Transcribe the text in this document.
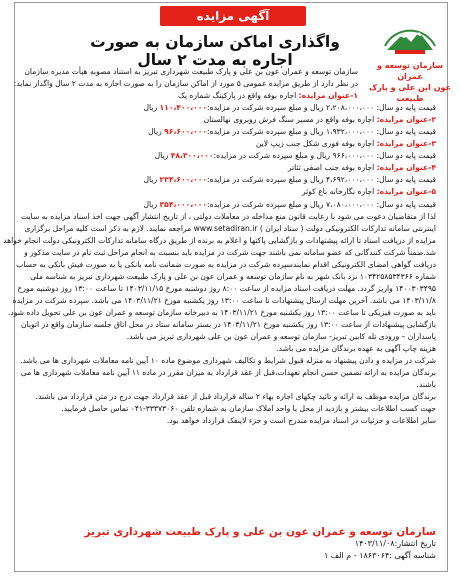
آگهی مزایده
واگذاری اماکن سازمان به صورت اجاره به مدت ۲ سال	سازمان توسعه و عمران
عون ابن علی و پارک طبیعت

سازمان توسعه و عمران عون بن علی و پارک طبیعت شهرداری تبریز به استناد مصوبه هیأت مدیره سازمان

در نظر دارد از طریق مزایده عمومی ۵ مورد از اماکن سازمان را به صورت اجاره به مدت ۲ سال واگذار نماید:

۱-عنوان مزایده: اجاره بوفه واقع در پارکینگ شماره یک

قیمت پایه دو سال: ۲،۲۰۸،۰۰۰،۰۰۰ ریال و مبلغ سپرده شرکت در مزایده:۱۱۰،۴۰۰،۰۰۰ ریال

۲-عنوان مزایده: اجاره بوفه واقع در مسیر سنگ فرش روبروی نهالستان

قیمت پایه دو سال: ۱،۹۳۲،۰۰۰،۰۰۰ ریال و مبلغ سپرده شرکت در مزایده:۹۶،۶۰۰،۰۰۰ ریال

۳-عنوان مزایده: اجاره بوفه فوری شکل جنب زیپ لاین

قیمت پایه دو سال: ۹۶۶،۰۰۰،۰۰۰ ریال و مبلغ سپرده شرکت در مزایده:۴۸،۳۰۰،۰۰۰ ریال

۴-عنوان مزایده: اجاره بوفه جنب اصفی تئاتر

قیمت پایه دو سال: ۴،۶۹۲،۰۰۰،۰۰۰ ریال و مبلغ سپرده شرکت در مزایده:۲۳۴،۶۰۰،۰۰۰ ریال

۵-عنوان مزایده: اجاره نگارخانه باغ کوثر

قیمت پایه دو سال: ۷،۰۸۰،۰۰۰،۰۰۰ ریال و مبلغ سپرده شرکت در مزایده:۳۵۴،۰۰۰،۰۰۰ ریال

لذا از متقاضیان دعوت می شود با رعایت قانون منع مداخله در معاملات دولتی ، از تاریخ انتشار آگهی جهت اخذ اسناد مزایده به سایت

اینترنتی سامانه تدارکات الکترونیکی دولت ( ستاد ایران ) www.setadiran.ir مراجعه نمایند. لازم به ذکر است کلیه مراحل برگزاری

مزایده از دریافت اسناد تا ارائه پیشنهادات و بازگشایی پاکتها و اعلام به برنده از طریق درگاه سامانه تدارکات الکترونیکی دولت انجام خواهد

شد.ضمناً شرکت کنندگانی که عضو سامانه نمی باشند جهت شرکت در مزایده باید بنسبت به انجام مراحل ثبت نام در سایت مذکور و

دریافت گواهی امضای الکترونیکی اقدام نمایندسپرده شرکت در مزایده به صورت ضمانت نامه بانکی یا به صورت فیش بانکی به حساب

شماره ۱۰۳۴۲۵۸۵۳۴۳۶۶ نزد بانک شهر به نام سازمان توسعه و عمران عون بن علی و پارک طبیعت شهرداری تبریز به شناسه ملی

۱۴۰۰۳۰۳۴۹۵ واریز گردد. مهلت دریافت اسناد مزایده از ساعت ۸:۰۰ روز دوشنبه مورخ ۱۴۰۳/۱۱/۱۵ تا ساعت ۱۳:۰۰ روز دوشنبه مورخ

۱۴۰۳/۱۱/۸ می باشد. آخرین مهلت ارسال پیشنهادات تا ساعت ۱۳:۰۰ روز یکشنبه مورخ ۱۴۰۳/۱۱/۲۱ می باشد. سپرده شرکت در مزایده

باید به صورت فیزیکی تا ساعت ۱۳:۰۰ روز یکشنبه مورخ ۱۴۰۳/۱۱/۲۱ به دبیرخانه سازمان توسعه و عمران عون بن علی تحویل داده شود.

بازگشایی پیشنهادات از ساعت ۱۳:۰۰ روز یکشنبه مورخ ۱۴۰۳/۱۱/۲۱ در بستر سامانه ستاد در محل اتاق جلسه سازمان واقع در اتوبان

پاسداران – ورودی تله کابین تبریز- سازمان توسعه و عمران عون بن علی شهرداری تبریز می باشد.

هزینه چاپ آگهی به عهده برندگان مزایده می باشد.

شرکت در مزایده و دادن پیشنهاد به منزله قبول شرایط و تکالیف شهرداری موضوع ماده ۱۰ آیین نامه معاملات شهرداری ها می باشد.

برندگان مزایده به ارائه تضمین حسن انجام تعهدات،قبل از عقد قرارداد به میزان مقرر در ماده ۱۱ آیین نامه معاملات شهرداری ها می

باشند.

برندگان مزایده موظف به ارائه و تائید چکهای اجاره بهاء ۲ ساله قرارداد قبل از عقد قرارداد جهت درج در متن قرارداد می باشند.

جهت کسب اطلاعات بیشتر و بازدید از محل با واحد املاک سازمان به شماره تلفن ۳۳۳۷۳۰۶۰-۰۴۱ تماس حاصل فرمایید.

سایر اطلاعات و جزئیات در اسناد مزایده مندرج است و جزء لاینفک قرارداد خواهد بود.

سازمان توسعه و عمران عون بن علی و پارک طبیعت شهرداری تبریز
تاریخ انتشار:۱۴۰۳/۱۱/۰۸
شناسه آگهی :۱۸۶۳۰۶۴ - م الف ۱
